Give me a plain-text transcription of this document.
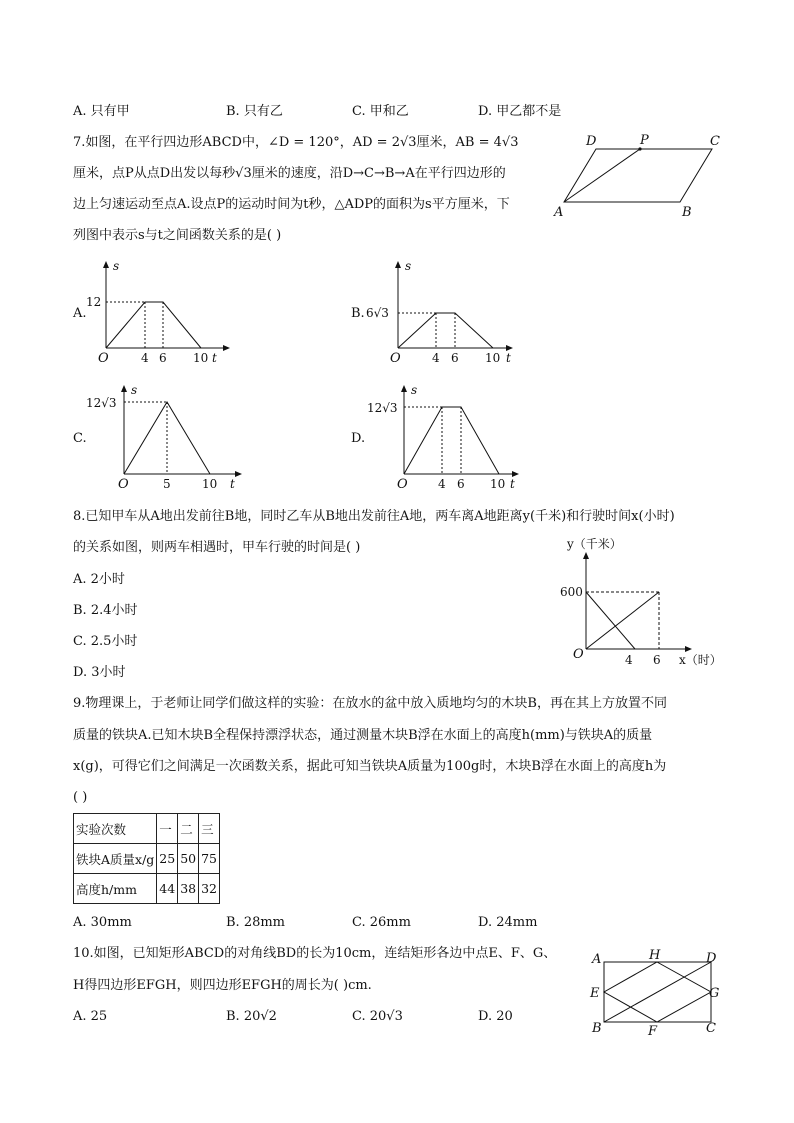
A. 只有甲	B. 只有乙	C. 甲和乙	D. 甲乙都不是
7.如图，在平行四边形ABCD中，∠D = 120°，AD = 2√3厘米，AB = 4√3
厘米，点P从点D出发以每秒√3厘米的速度，沿D→C→B→A在平行四边形的
边上匀速运动至点A.设点P的运动时间为t秒，△ADP的面积为s平方厘米，下
列图中表示s与t之间函数关系的是( )
D	P	C
A	B
A.
s
12
O	4 6 10 t
B.
s
6√3
O	4 6 10 t
C.
s
12√3
O	5	10 t
D.
s
12√3
O	4 6 10 t
8.已知甲车从A地出发前往B地，同时乙车从B地出发前往A地，两车离A地距离y(千米)和行驶时间x(小时)
的关系如图，则两车相遇时，甲车行驶的时间是( )
A. 2小时
B. 2.4小时
C. 2.5小时
D. 3小时
y（千米）
600
O	4 6 x（时）
9.物理课上，于老师让同学们做这样的实验：在放水的盆中放入质地均匀的木块B，再在其上方放置不同
质量的铁块A.已知木块B全程保持漂浮状态，通过测量木块B浮在水面上的高度h(mm)与铁块A的质量
x(g)，可得它们之间满足一次函数关系，据此可知当铁块A质量为100g时，木块B浮在水面上的高度h为
( )
实验次数	一	二	三
铁块A质量x/g	25	50	75
高度h/mm	44	38	32
A. 30mm	B. 28mm	C. 26mm	D. 24mm
10.如图，已知矩形ABCD的对角线BD的长为10cm，连结矩形各边中点E、F、G、
H得四边形EFGH，则四边形EFGH的周长为( )cm.
A. 25	B. 20√2	C. 20√3	D. 20
A	H	D
E	G
B	F	C
